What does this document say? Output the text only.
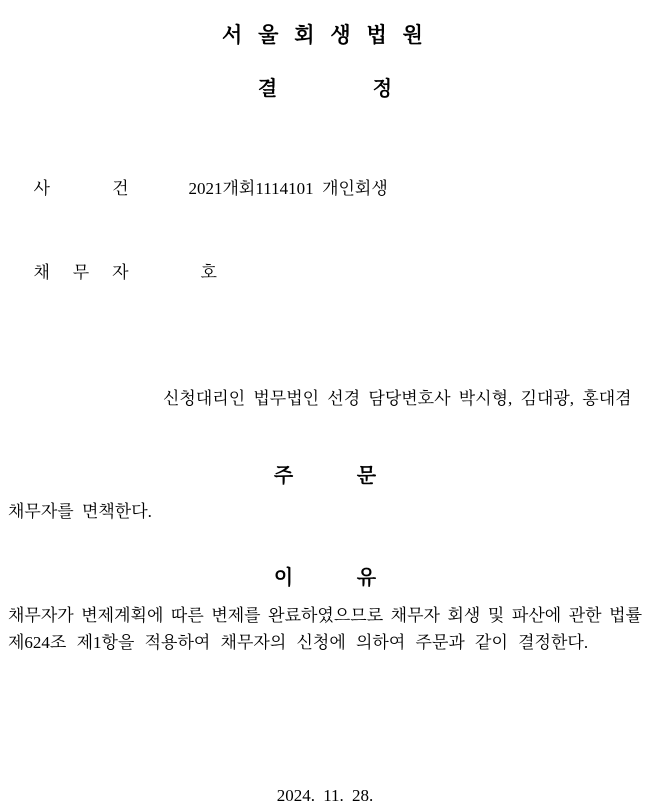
서 울 회 생 법 원
결 정

사 건	2021개회1114101  개인회생

채 무 자	호

신청대리인 법무법인 선경 담당변호사 박시형, 김대광, 홍대겸
주 문
채무자를 면책한다.
이 유
채무자가 변제계획에 따른 변제를 완료하였으므로 채무자 회생 및 파산에 관한 법률
제624조 제1항을 적용하여 채무자의 신청에 의하여 주문과 같이 결정한다.
2024. 11. 28.
